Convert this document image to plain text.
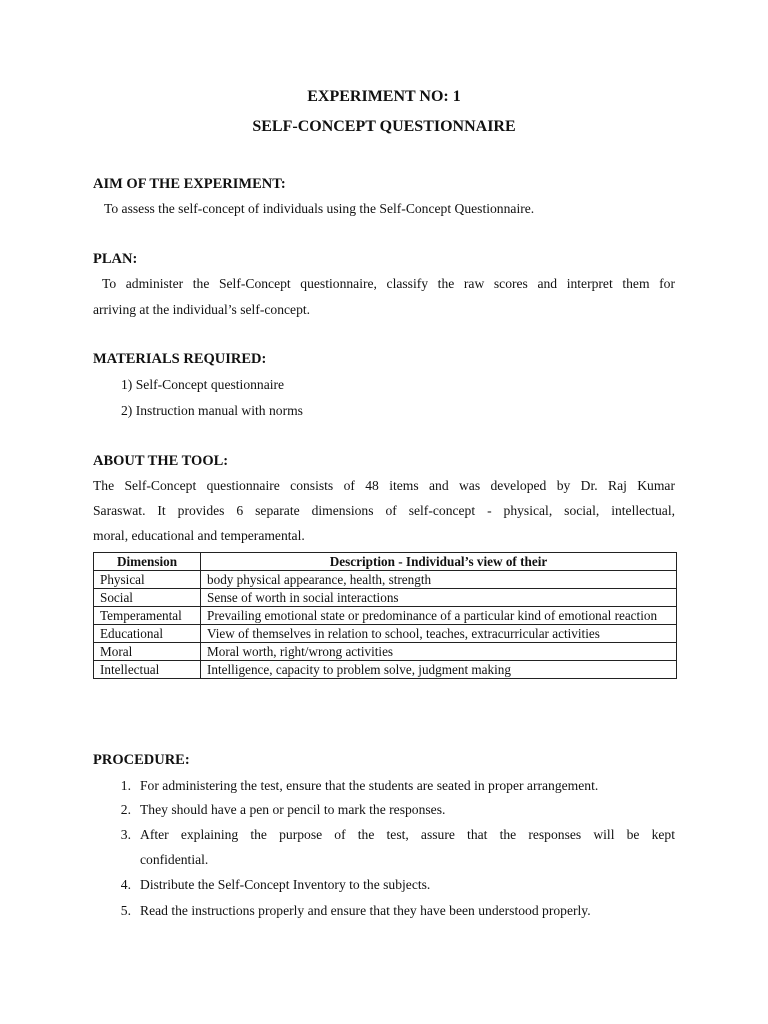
EXPERIMENT NO: 1
SELF-CONCEPT QUESTIONNAIRE
AIM OF THE EXPERIMENT:
To assess the self-concept of individuals using the Self-Concept Questionnaire.
PLAN:
To administer the Self-Concept questionnaire, classify the raw scores and interpret them for
arriving at the individual’s self-concept.
MATERIALS REQUIRED:
1) Self-Concept questionnaire
2) Instruction manual with norms
ABOUT THE TOOL:
The Self-Concept questionnaire consists of 48 items and was developed by Dr. Raj Kumar
Saraswat. It provides 6 separate dimensions of self-concept - physical, social, intellectual,
moral, educational and temperamental.
Dimension	Description - Individual’s view of their
Physical	body physical appearance, health, strength
Social	Sense of worth in social interactions
Temperamental	Prevailing emotional state or predominance of a particular kind of emotional reaction
Educational	View of themselves in relation to school, teaches, extracurricular activities
Moral	Moral worth, right/wrong activities
Intellectual	Intelligence, capacity to problem solve, judgment making
PROCEDURE:
1. For administering the test, ensure that the students are seated in proper arrangement.
2. They should have a pen or pencil to mark the responses.
3. After explaining the purpose of the test, assure that the responses will be kept
confidential.
4. Distribute the Self-Concept Inventory to the subjects.
5. Read the instructions properly and ensure that they have been understood properly.
